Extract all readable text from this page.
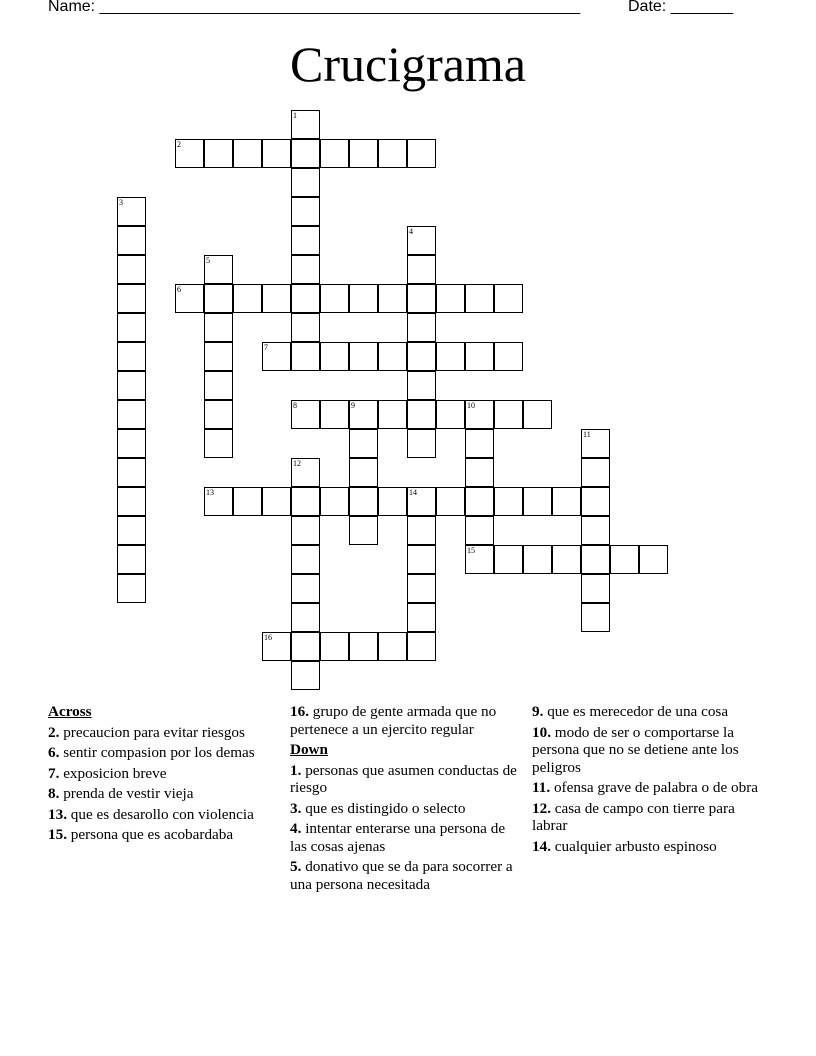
Name: ______________________________________________________	Date: _______
Crucigrama
1
2
3
4
5
6
7
8	9	10
15
11
12
13	14
16
Across
2. precaucion para evitar riesgos
6. sentir compasion por los demas
7. exposicion breve
8. prenda de vestir vieja
13. que es desarollo con violencia
15. persona que es acobardaba
16. grupo de gente armada que no pertenece a un ejercito regular
Down
1. personas que asumen conductas de riesgo
3. que es distingido o selecto
4. intentar enterarse una persona de las cosas ajenas
5. donativo que se da para socorrer a una persona necesitada
9. que es merecedor de una cosa
10. modo de ser o comportarse la persona que no se detiene ante los peligros
11. ofensa grave de palabra o de obra
12. casa de campo con tierre para labrar
14. cualquier arbusto espinoso
